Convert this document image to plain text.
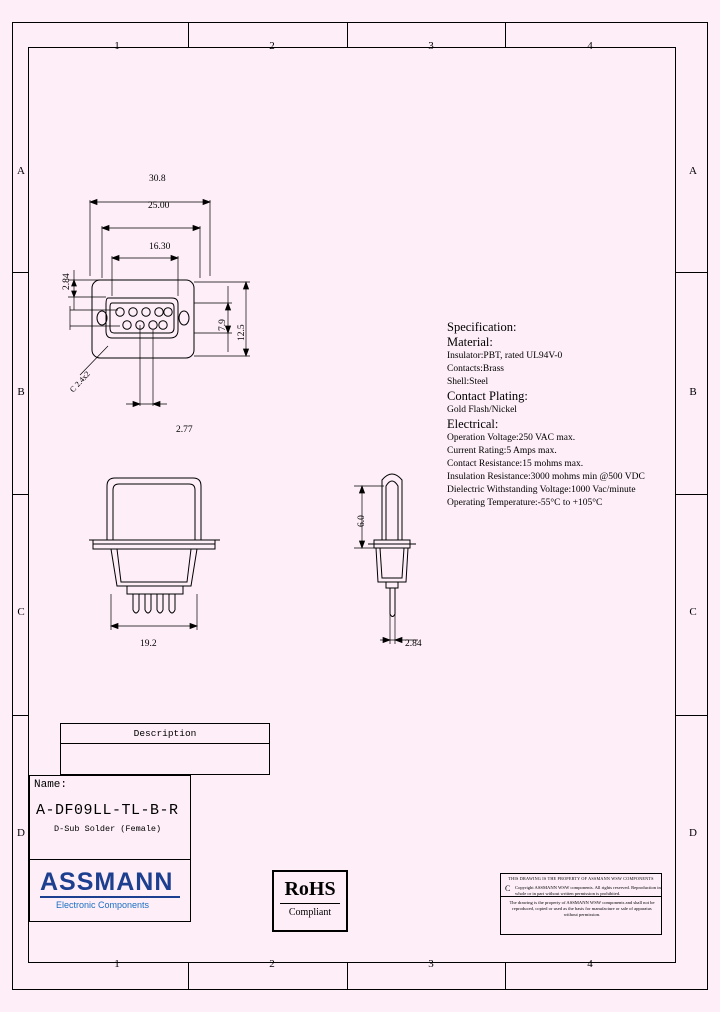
1	2	3	4
1	2	3	4
A
B
C
D
A
B
C
D
30.8
25.00
16.30
2.77
7.9 12.5
2.84
C 2.4x2
19.2
6.0
2.84
Specification:
Material:
Insulator:PBT, rated UL94V-0
Contacts:Brass
Shell:Steel
Contact Plating:
Gold Flash/Nickel
Electrical:
Operation Voltage:250 VAC max.
Current Rating:5 Amps max.
Contact Resistance:15 mohms max.
Insulation Resistance:3000 mohms min @500 VDC
Dielectric Withstanding Voltage:1000 Vac/minute
Operating Temperature:-55°C to +105°C
Description
Name:
A-DF09LL-TL-B-R
D-Sub Solder (Female)
ASSMANN
Electronic Components
RoHS
Compliant
THIS DRAWING IS THE PROPERTY OF ASSMANN WSW COMPONENTS
C Copyright ASSMANN WSW components. All rights reserved. Reproduction in whole or in part without written permission is prohibited.
The drawing is the property of ASSMANN WSW components and shall not be reproduced, copied or used as the basis for manufacture or sale of apparatus without permission.
